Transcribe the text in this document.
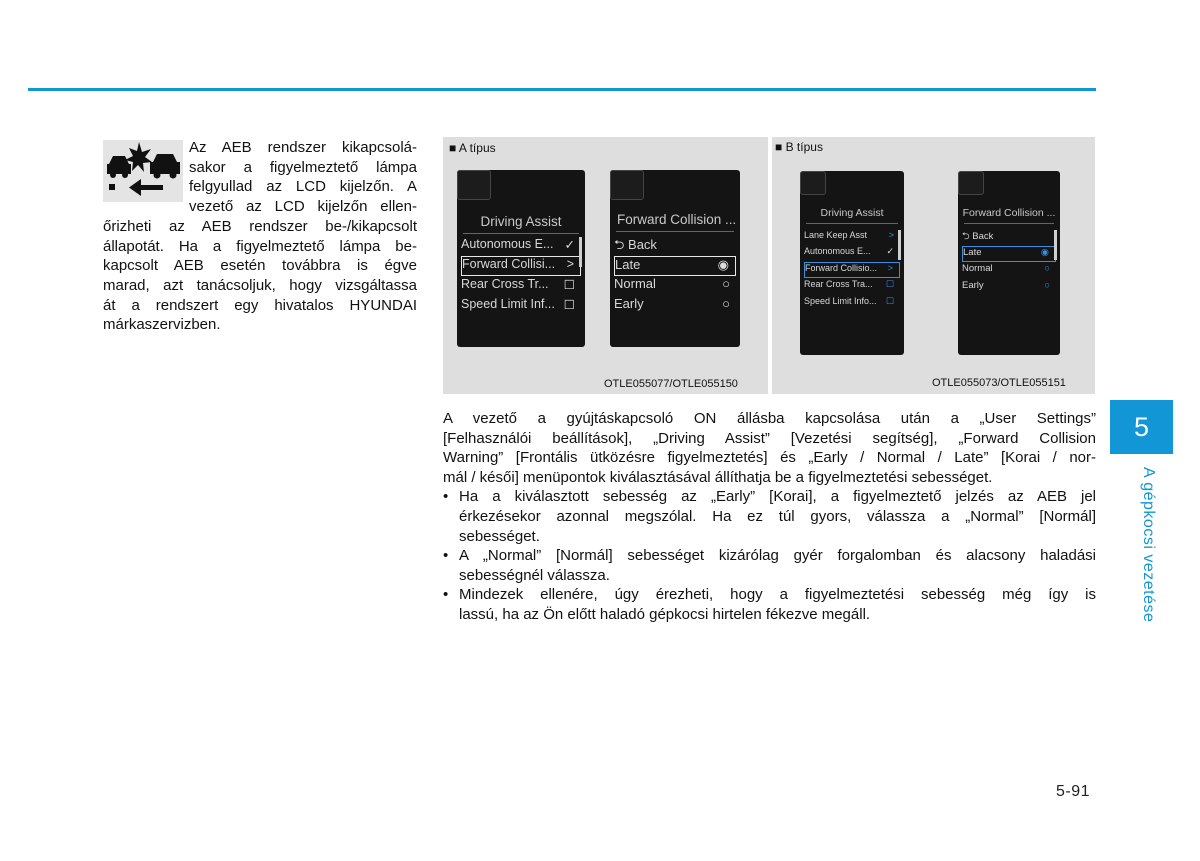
Az AEB rendszer kikapcsolá-
sakor a figyelmeztető lámpa
felgyullad az LCD kijelzőn. A
vezető az LCD kijelzőn ellen-
őrizheti az AEB rendszer be-/kikapcsolt
állapotát. Ha a figyelmeztető lámpa be-
kapcsolt AEB esetén továbbra is égve
marad, azt tanácsoljuk, hogy vizsgáltassa
át a rendszert egy hivatalos HYUNDAI
márkaszervizben.
■ A típus	■ B típus
Driving Assist
Autonomous E... ✓
Forward Collisi... >
Rear Cross Tr... ☐
Speed Limit Inf... ☐
Forward Collision ...
⮌ Back
Late	◉
Normal	○
Early	○
Driving Assist
Lane Keep Asst >
Autonomous E... ✓
Forward Collisio... >
Rear Cross Tra... ☐
Speed Limit Info... ☐
Forward Collision ...
⮌ Back
Late	◉
Normal	○
Early	○
OTLE055077/OTLE055150	OTLE055073/OTLE055151

A vezető a gyújtáskapcsoló ON állásba kapcsolása után a „User Settings”
[Felhasználói beállítások], „Driving Assist” [Vezetési segítség], „Forward Collision
Warning” [Frontális ütközésre figyelmeztetés] és „Early / Normal / Late” [Korai / nor-
mál / késői] menüpontok kiválasztásával állíthatja be a figyelmeztetési sebességet.

• Ha a kiválasztott sebesség az „Early” [Korai], a figyelmeztető jelzés az AEB jel
érkezésekor azonnal megszólal. Ha ez túl gyors, válassza a „Normal” [Normál]
sebességet.
• A „Normal” [Normál] sebességet kizárólag gyér forgalomban és alacsony haladási
sebességnél válassza.
• Mindezek ellenére, úgy érezheti, hogy a figyelmeztetési sebesség még így is
lassú, ha az Ön előtt haladó gépkocsi hirtelen fékezve megáll.
5
A gépkocsi vezetése
5-91
